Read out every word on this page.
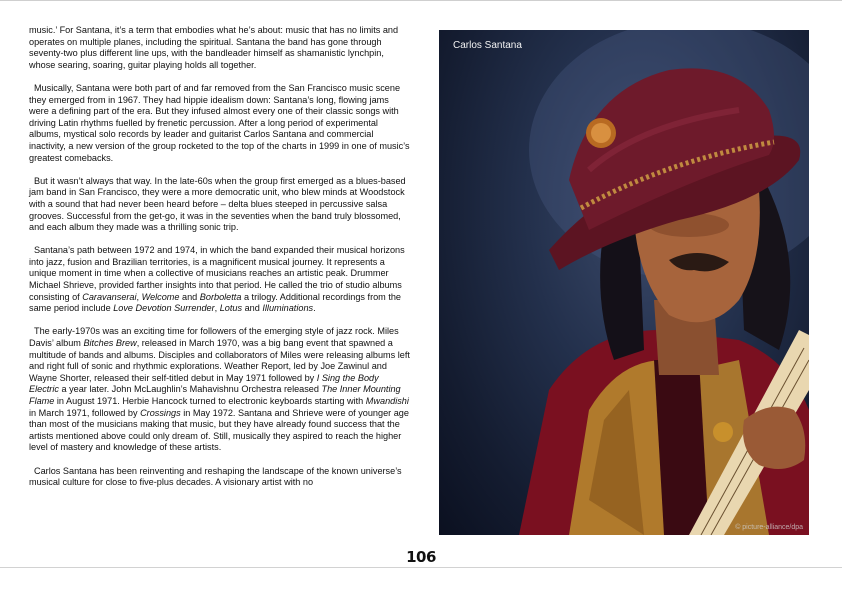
music.’ For Santana, it’s a term that embodies what he’s about: music that has no limits and operates on multiple planes, including the spiritual. Santana the band has gone through seventy-two plus different line ups, with the bandleader himself as shamanistic lynchpin, whose searing, soaring, guitar playing holds all together.

Musically, Santana were both part of and far removed from the San Francisco music scene they emerged from in 1967. They had hippie idealism down: Santana’s long, flowing jams were a defining part of the era. But they infused almost every one of their classic songs with driving Latin rhythms fuelled by frenetic percussion. After a long period of experimental albums, mystical solo records by leader and guitarist Carlos Santana and commercial inactivity, a new version of the group rocketed to the top of the charts in 1999 in one of music’s greatest comebacks.

But it wasn’t always that way. In the late-60s when the group first emerged as a blues-based jam band in San Francisco, they were a more democratic unit, who blew minds at Woodstock with a sound that had never been heard before – delta blues steeped in percussive salsa grooves. Successful from the get-go, it was in the seventies when the band truly blossomed, and each album they made was a thrilling sonic trip.

Santana’s path between 1972 and 1974, in which the band expanded their musical horizons into jazz, fusion and Brazilian territories, is a magnificent musical journey. It represents a unique moment in time when a collective of musicians reaches an artistic peak. Drummer Michael Shrieve, provided farther insights into that period. He called the trio of studio albums consisting of Caravanserai, Welcome and Borboletta a trilogy. Additional recordings from the same period include Love Devotion Surrender, Lotus and Illuminations.

The early-1970s was an exciting time for followers of the emerging style of jazz rock. Miles Davis’ album Bitches Brew, released in March 1970, was a big bang event that spawned a multitude of bands and albums. Disciples and collaborators of Miles were releasing albums left and right full of sonic and rhythmic explorations. Weather Report, led by Joe Zawinul and Wayne Shorter, released their self-titled debut in May 1971 followed by I Sing the Body Electric a year later. John McLaughlin’s Mahavishnu Orchestra released The Inner Mounting Flame in August 1971. Herbie Hancock turned to electronic keyboards starting with Mwandishi in March 1971, followed by Crossings in May 1972. Santana and Shrieve were of younger age than most of the musicians making that music, but they have already found success that the artists mentioned above could only dream of. Still, musically they aspired to reach the higher level of mastery and knowledge of these artists.

Carlos Santana has been reinventing and reshaping the landscape of the known universe’s musical culture for close to five-plus decades. A visionary artist with no

Carlos Santana
© picture-alliance/dpa
106
